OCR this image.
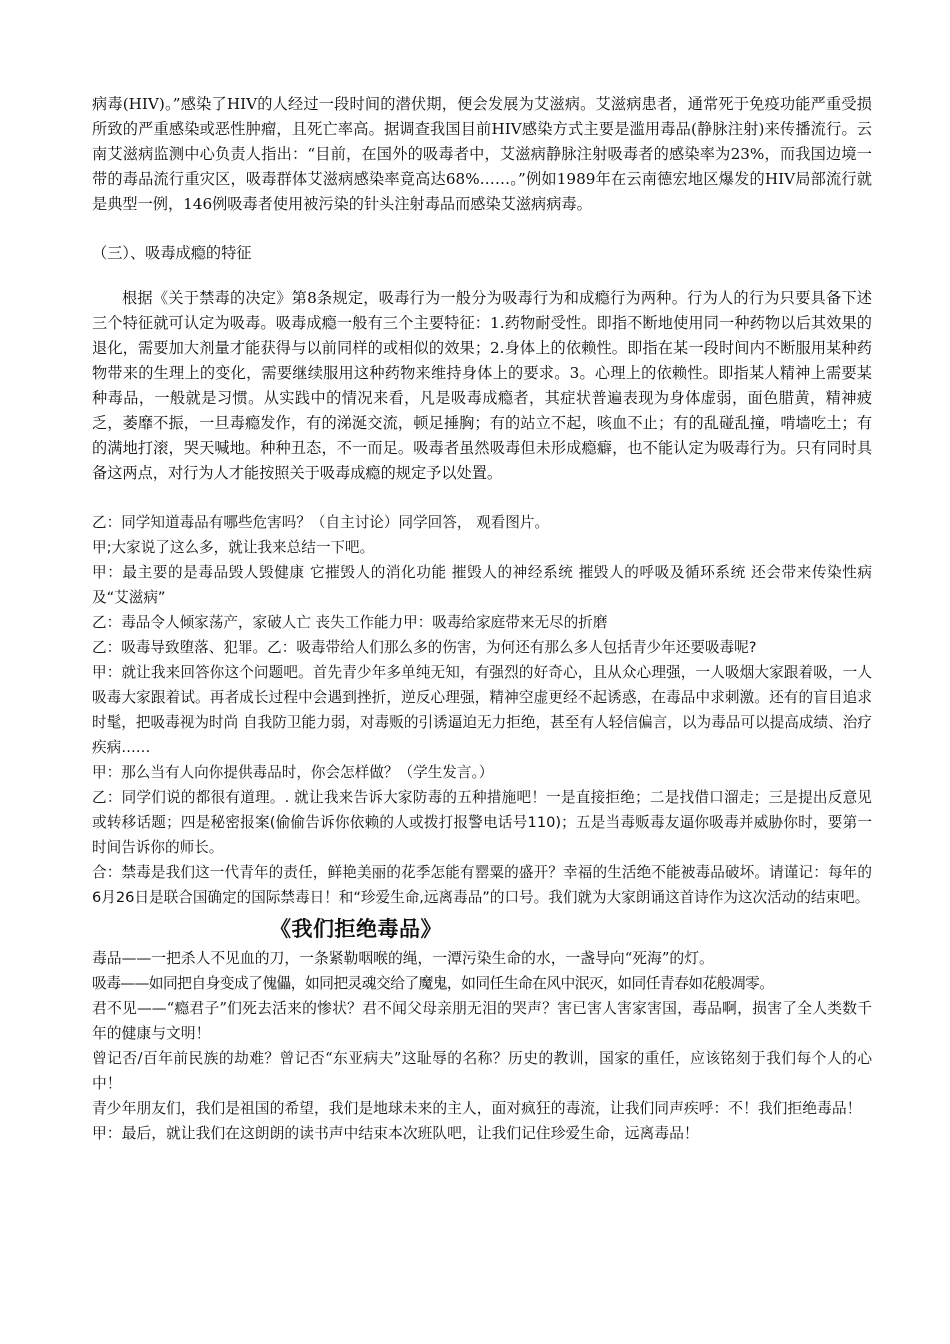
病毒(HIV)。”感染了HIV的人经过一段时间的潜伏期，便会发展为艾滋病。艾滋病患者，通常死于免疫功能严重受损所致的严重感染或恶性肿瘤，且死亡率高。据调查我国目前HIV感染方式主要是滥用毒品(静脉注射)来传播流行。云南艾滋病监测中心负责人指出：“目前，在国外的吸毒者中，艾滋病静脉注射吸毒者的感染率为23%，而我国边境一带的毒品流行重灾区，吸毒群体艾滋病感染率竟高达68%……。”例如1989年在云南德宏地区爆发的HIV局部流行就是典型一例，146例吸毒者使用被污染的针头注射毒品而感染艾滋病病毒。

（三）、吸毒成瘾的特征

根据《关于禁毒的决定》第8条规定，吸毒行为一般分为吸毒行为和成瘾行为两种。行为人的行为只要具备下述三个特征就可认定为吸毒。吸毒成瘾一般有三个主要特征：1.药物耐受性。即指不断地使用同一种药物以后其效果的退化，需要加大剂量才能获得与以前同样的或相似的效果；2.身体上的依赖性。即指在某一段时间内不断服用某种药物带来的生理上的变化，需要继续服用这种药物来维持身体上的要求。3。心理上的依赖性。即指某人精神上需要某种毒品，一般就是习惯。从实践中的情况来看，凡是吸毒成瘾者，其症状普遍表现为身体虚弱，面色腊黄，精神疲乏，萎靡不振，一旦毒瘾发作，有的涕涎交流，顿足捶胸；有的站立不起，咳血不止；有的乱碰乱撞，啃墙吃土；有的满地打滚，哭天喊地。种种丑态，不一而足。吸毒者虽然吸毒但未形成瘾癖，也不能认定为吸毒行为。只有同时具备这两点，对行为人才能按照关于吸毒成瘾的规定予以处置。

乙：同学知道毒品有哪些危害吗？（自主讨论）同学回答， 观看图片。

甲;大家说了这么多，就让我来总结一下吧。

甲：最主要的是毒品毁人毁健康 它摧毁人的消化功能 摧毁人的神经系统 摧毁人的呼吸及循环系统 还会带来传染性病及“艾滋病”

乙：毒品令人倾家荡产，家破人亡 丧失工作能力甲：吸毒给家庭带来无尽的折磨

乙：吸毒导致堕落、犯罪。乙：吸毒带给人们那么多的伤害，为何还有那么多人包括青少年还要吸毒呢?

甲：就让我来回答你这个问题吧。首先青少年多单纯无知，有强烈的好奇心，且从众心理强，一人吸烟大家跟着吸，一人吸毒大家跟着试。再者成长过程中会遇到挫折，逆反心理强，精神空虚更经不起诱惑，在毒品中求刺激。还有的盲目追求时髦，把吸毒视为时尚 自我防卫能力弱，对毒贩的引诱逼迫无力拒绝，甚至有人轻信偏言，以为毒品可以提高成绩、治疗疾病……

甲：那么当有人向你提供毒品时，你会怎样做？（学生发言。）

乙：同学们说的都很有道理。. 就让我来告诉大家防毒的五种措施吧！一是直接拒绝；二是找借口溜走；三是提出反意见或转移话题；四是秘密报案(偷偷告诉你依赖的人或拨打报警电话号110)；五是当毒贩毒友逼你吸毒并威胁你时，要第一时间告诉你的师长。

合：禁毒是我们这一代青年的责任，鲜艳美丽的花季怎能有罂粟的盛开？幸福的生活绝不能被毒品破坏。请谨记：每年的6月26日是联合国确定的国际禁毒日！和“珍爱生命,远离毒品”的口号。我们就为大家朗诵这首诗作为这次活动的结束吧。

《我们拒绝毒品》

毒品——一把杀人不见血的刀，一条紧勒咽喉的绳，一潭污染生命的水，一盏导向“死海”的灯。

吸毒——如同把自身变成了傀儡，如同把灵魂交给了魔鬼，如同任生命在风中泯灭，如同任青春如花般凋零。

君不见——“瘾君子”们死去活来的惨状？君不闻父母亲朋无泪的哭声？害已害人害家害国，毒品啊，损害了全人类数千年的健康与文明！

曾记否/百年前民族的劫难？曾记否“东亚病夫”这耻辱的名称？历史的教训，国家的重任，应该铭刻于我们每个人的心中！

青少年朋友们，我们是祖国的希望，我们是地球未来的主人，面对疯狂的毒流，让我们同声疾呼：不！我们拒绝毒品！

甲：最后，就让我们在这朗朗的读书声中结束本次班队吧，让我们记住珍爱生命，远离毒品！
